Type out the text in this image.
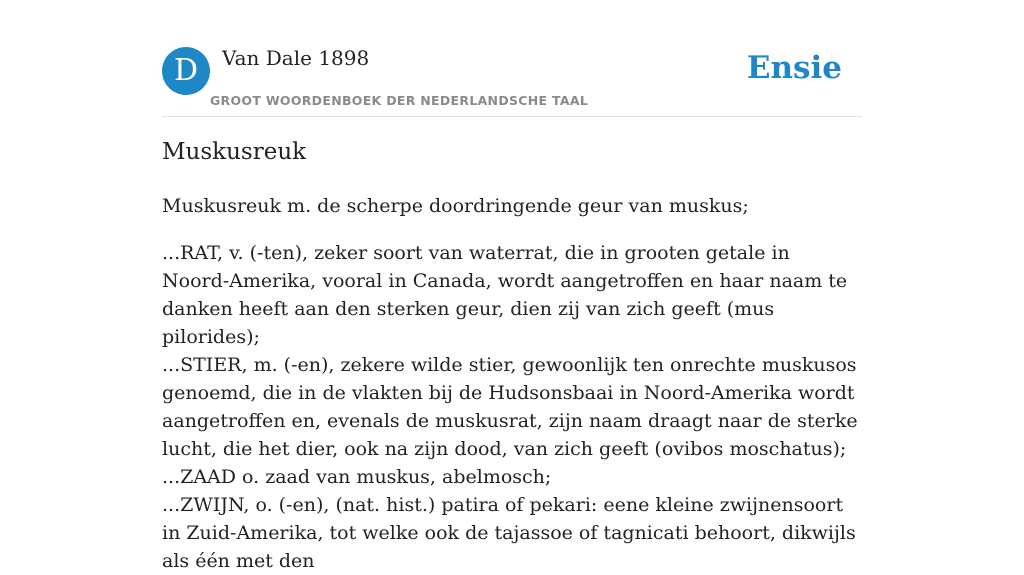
D	Van Dale 1898
GROOT WOORDENBOEK DER NEDERLANDSCHE TAAL
Ensie
Muskusreuk

Muskusreuk m. de scherpe doordringende geur van muskus;

...RAT, v. (-ten), zeker soort van waterrat, die in grooten getale in Noord-Amerika, vooral in Canada, wordt aangetroffen en haar naam te danken heeft aan den sterken geur, dien zij van zich geeft (mus pilorides);

...STIER, m. (-en), zekere wilde stier, gewoonlijk ten onrechte muskusos genoemd, die in de vlakten bij de Hudsonsbaai in Noord-Amerika wordt aangetroffen en, evenals de muskusrat, zijn naam draagt naar de sterke lucht, die het dier, ook na zijn dood, van zich geeft (ovibos moschatus);

...ZAAD o. zaad van muskus, abelmosch;

...ZWIJN, o. (-en), (nat. hist.) patira of pekari: eene kleine zwijnensoort in Zuid-Amerika, tot welke ook de tajassoe of tagnicati behoort, dikwijls als één met den
